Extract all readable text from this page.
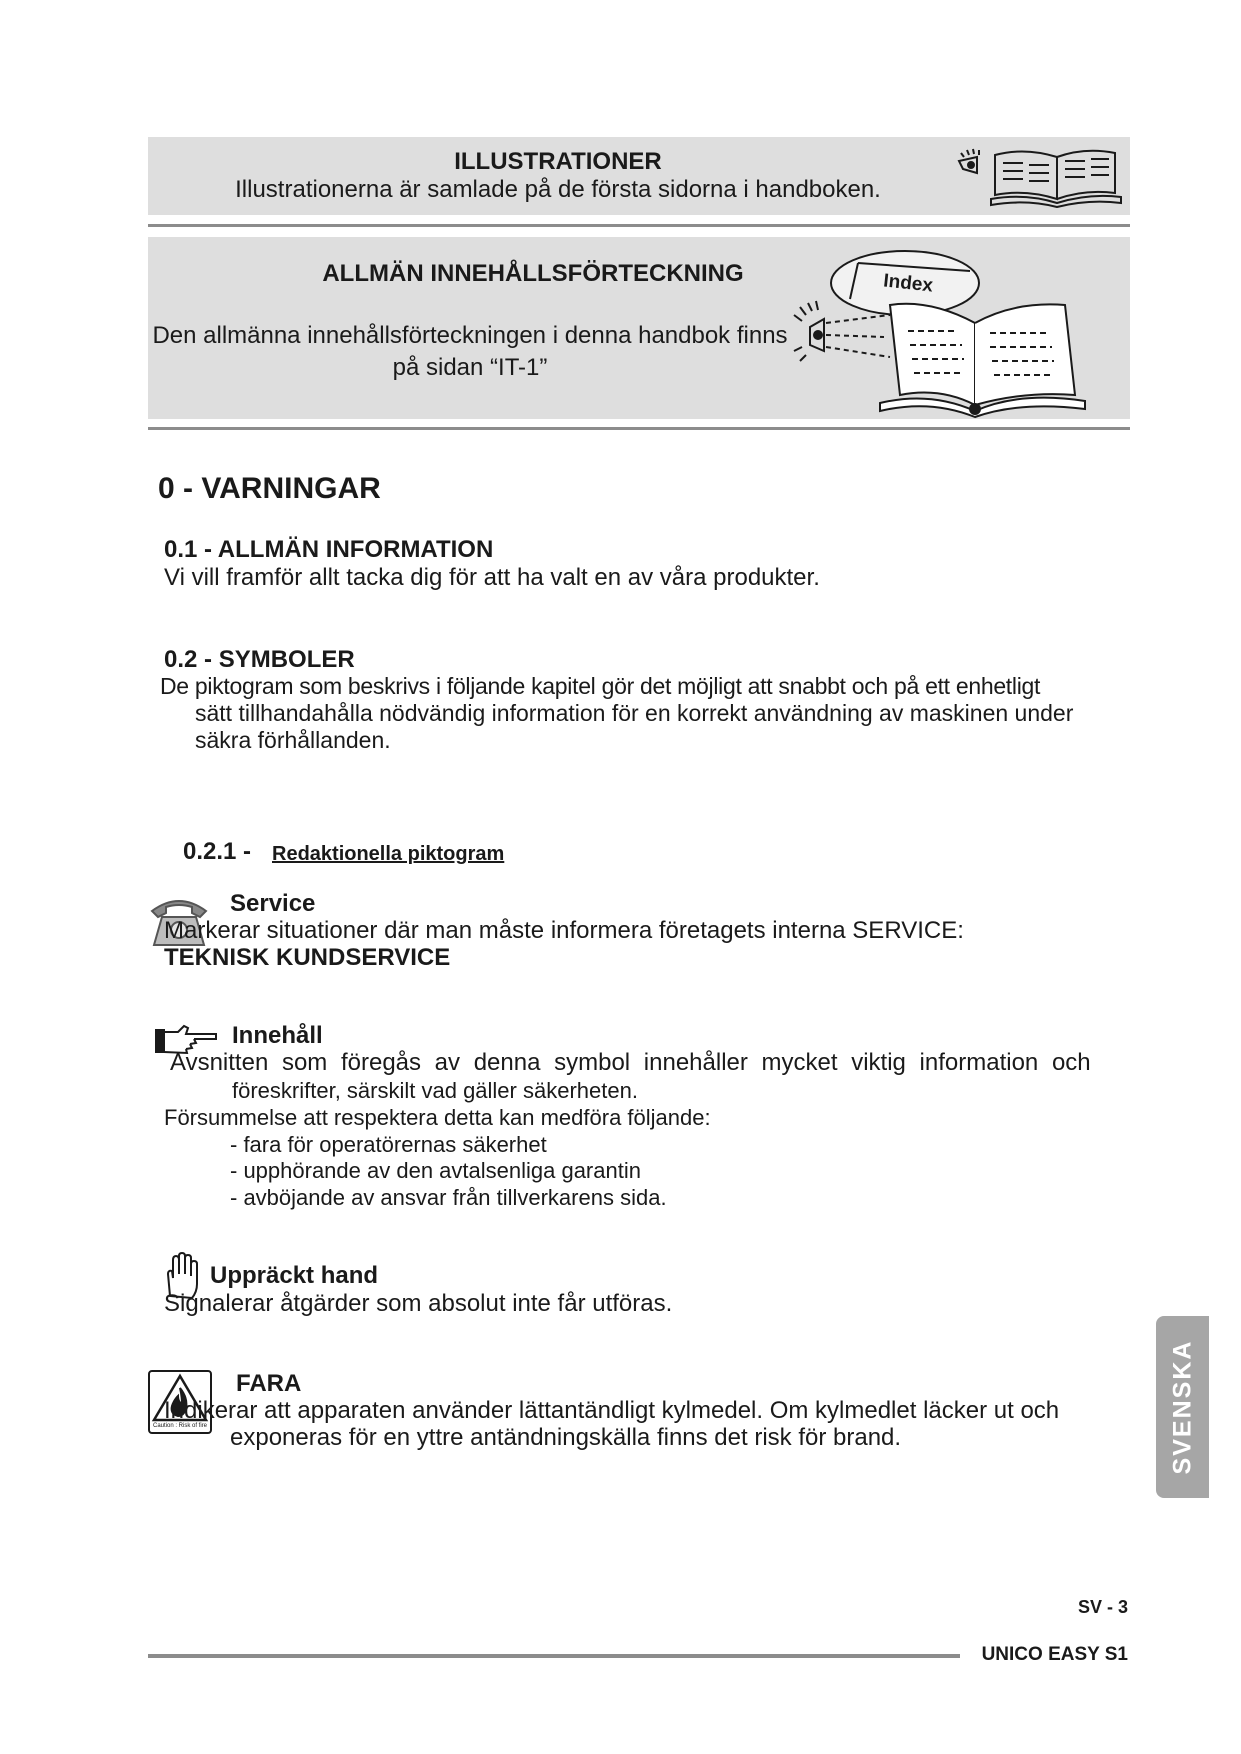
ILLUSTRATIONER
Illustrationerna är samlade på de första sidorna i handboken.
ALLMÄN INNEHÅLLSFÖRTECKNING
Den allmänna innehållsförteckningen i denna handbok finns
på sidan “IT-1”
Index
0 - VARNINGAR
0.1 - ALLMÄN INFORMATION
Vi vill framför allt tacka dig för att ha valt en av våra produkter.
0.2 - SYMBOLER
De piktogram som beskrivs i följande kapitel gör det möjligt att snabbt och på ett enhetligt
sätt tillhandahålla nödvändig information för en korrekt användning av maskinen under
säkra förhållanden.
0.2.1 - Redaktionella piktogram
Service
Markerar situationer där man måste informera företagets interna SERVICE:
TEKNISK KUNDSERVICE
Innehåll
Avsnitten som föregås av denna symbol innehåller mycket viktig information och
föreskrifter, särskilt vad gäller säkerheten.
Försummelse att respektera detta kan medföra följande:
- fara för operatörernas säkerhet
- upphörande av den avtalsenliga garantin
- avböjande av ansvar från tillverkarens sida.
Uppräckt hand
Signalerar åtgärder som absolut inte får utföras.
Caution : Risk of fire
FARA
Indikerar att apparaten använder lättantändligt kylmedel. Om kylmedlet läcker ut och
exponeras för en yttre antändningskälla finns det risk för brand.	SVENSKA
SV - 3
UNICO EASY S1
